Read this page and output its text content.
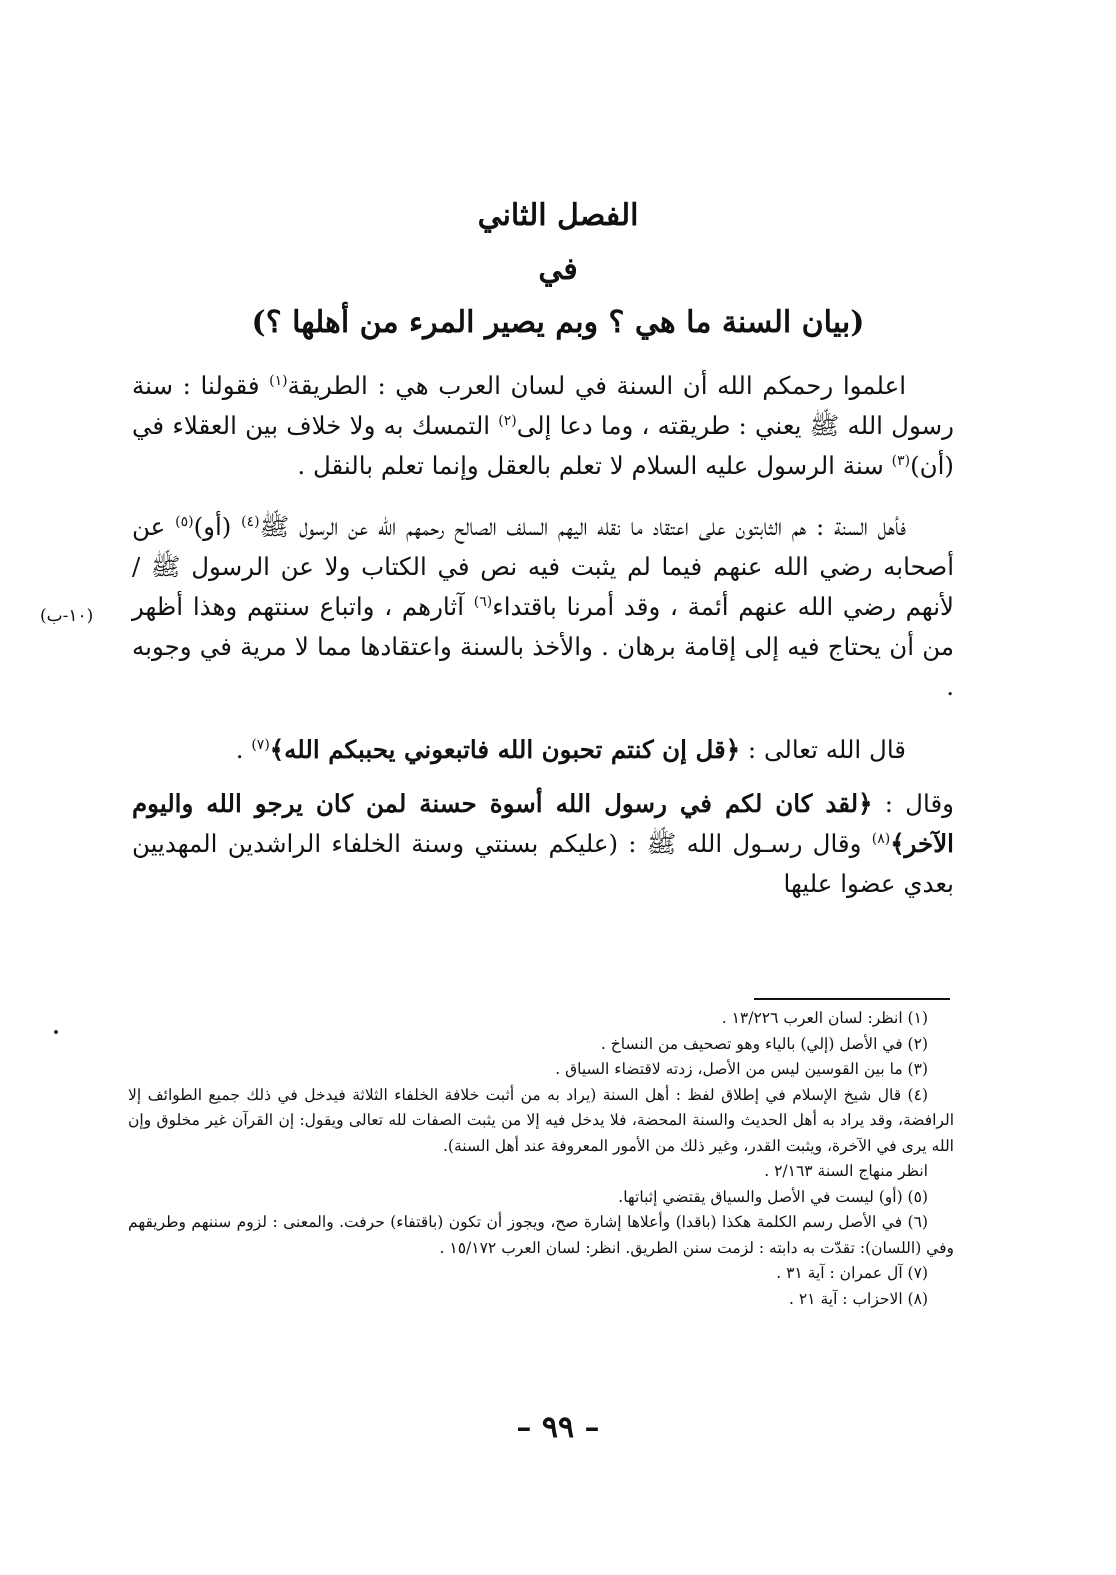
الفصل الثاني
في
(بيان السنة ما هي ؟ وبم يصير المرء من أهلها ؟)

اعلموا رحمكم الله أن السنة في لسان العرب هي : الطريقة$^{(١)}$ فقولنا : سنة رسول الله ﷺ يعني : طريقته ، وما دعا إلى$^{(٢)}$ التمسك به ولا خلاف بين العقلاء في (أن)$^{(٣)}$ سنة الرسول عليه السلام لا تعلم بالعقل وإنما تعلم بالنقل .

فأهل السنة : هم الثابتون على اعتقاد ما نقله اليهم السلف الصالح رحمهم الله عن الرسول ﷺ$^{(٤)}$ (أو)$^{(٥)}$ عن أصحابه رضي الله عنهم فيما لم يثبت فيه نص في الكتاب ولا عن الرسول ﷺ / لأنهم رضي الله عنهم أئمة ، وقد أمرنا باقتداء$^{(٦)}$ آثارهم ، واتباع سنتهم وهذا أظهر من أن يحتاج فيه إلى إقامة برهان . والأخذ بالسنة واعتقادها مما لا مرية في وجوبه .

(١٠-ب)

قال الله تعالى : ﴿قل إن كنتم تحبون الله فاتبعوني يحببكم الله﴾$^{(٧)}$ .

وقال : ﴿لقد كان لكم في رسول الله أسوة حسنة لمن كان يرجو الله واليوم الآخر﴾$^{(٨)}$ وقال رسـول الله ﷺ : (عليكم بسنتي وسنة الخلفاء الراشدين المهديين بعدي عضوا عليها

(١) انظر: لسان العرب ١٣/٢٢٦ .

(٢) في الأصل (إلي) بالياء وهو تصحيف من النساخ .

(٣) ما بين القوسين ليس من الأصل، زدته لاقتضاء السياق .

(٤) قال شيخ الإسلام في إطلاق لفظ : أهل السنة (يراد به من أثبت خلافة الخلفاء الثلاثة فيدخل في ذلك جميع الطوائف إلا الرافضة، وقد يراد به أهل الحديث والسنة المحضة، فلا يدخل فيه إلا من يثبت الصفات لله تعالى ويقول: إن القرآن غير مخلوق وإن الله يرى في الآخرة، ويثبت القدر، وغير ذلك من الأمور المعروفة عند أهل السنة).

انظر منهاج السنة ٢/١٦٣ .

(٥) (أو) ليست في الأصل والسياق يقتضي إثباتها.

(٦) في الأصل رسم الكلمة هكذا (باقدا) وأعلاها إشارة صح، ويجوز أن تكون (باقتفاء) حرفت. والمعنى : لزوم سننهم وطريقهم وفي (اللسان): تقدّت به دابته : لزمت سنن الطريق. انظر: لسان العرب ١٥/١٧٢ .

(٧) آل عمران : آية ٣١ .

(٨) الاحزاب : آية ٢١ .

– ٩٩ –
